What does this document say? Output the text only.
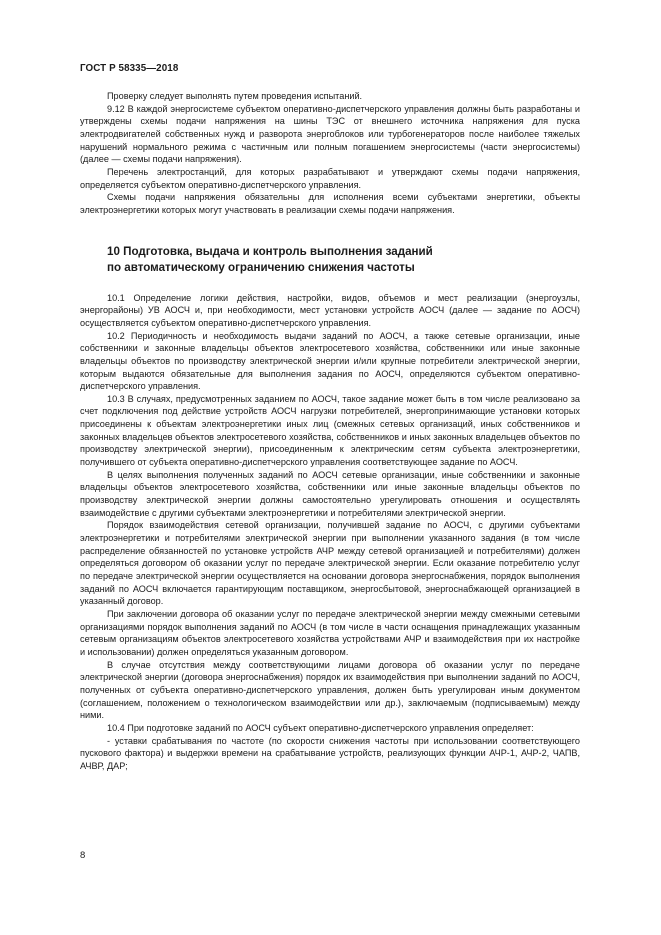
ГОСТ Р 58335—2018

Проверку следует выполнять путем проведения испытаний.

9.12 В каждой энергосистеме субъектом оперативно-диспетчерского управления должны быть разработаны и утверждены схемы подачи напряжения на шины ТЭС от внешнего источника напряжения для пуска электродвигателей собственных нужд и разворота энергоблоков или турбогенераторов после наиболее тяжелых нарушений нормального режима с частичным или полным погашением энергосистемы (части энергосистемы) (далее — схемы подачи напряжения).

Перечень электростанций, для которых разрабатывают и утверждают схемы подачи напряжения, определяется субъектом оперативно-диспетчерского управления.

Схемы подачи напряжения обязательны для исполнения всеми субъектами энергетики, объекты электроэнергетики которых могут участвовать в реализации схемы подачи напряжения.

10 Подготовка, выдача и контроль выполнения заданий
по автоматическому ограничению снижения частоты

10.1 Определение логики действия, настройки, видов, объемов и мест реализации (энергоузлы, энергорайоны) УВ АОСЧ и, при необходимости, мест установки устройств АОСЧ (далее — задание по АОСЧ) осуществляется субъектом оперативно-диспетчерского управления.

10.2 Периодичность и необходимость выдачи заданий по АОСЧ, а также сетевые организации, иные собственники и законные владельцы объектов электросетевого хозяйства, собственники или иные законные владельцы объектов по производству электрической энергии и/или крупные потребители электрической энергии, которым выдаются обязательные для выполнения задания по АОСЧ, определяются субъектом оперативно-диспетчерского управления.

10.3 В случаях, предусмотренных заданием по АОСЧ, такое задание может быть в том числе реализовано за счет подключения под действие устройств АОСЧ нагрузки потребителей, энергопринимающие установки которых присоединены к объектам электроэнергетики иных лиц (смежных сетевых организаций, иных собственников и законных владельцев объектов электросетевого хозяйства, собственников и иных законных владельцев объектов по производству электрической энергии), присоединенным к электрическим сетям субъекта электроэнергетики, получившего от субъекта оперативно-диспетчерского управления соответствующее задание по АОСЧ.

В целях выполнения полученных заданий по АОСЧ сетевые организации, иные собственники и законные владельцы объектов электросетевого хозяйства, собственники или иные законные владельцы объектов по производству электрической энергии должны самостоятельно урегулировать отношения и осуществлять взаимодействие с другими субъектами электроэнергетики и потребителями электрической энергии.

Порядок взаимодействия сетевой организации, получившей задание по АОСЧ, с другими субъектами электроэнергетики и потребителями электрической энергии при выполнении указанного задания (в том числе распределение обязанностей по установке устройств АЧР между сетевой организацией и потребителями) должен определяться договором об оказании услуг по передаче электрической энергии. Если оказание потребителю услуг по передаче электрической энергии осуществляется на основании договора энергоснабжения, порядок выполнения заданий по АОСЧ включается гарантирующим поставщиком, энергосбытовой, энергоснабжающей организацией в указанный договор.

При заключении договора об оказании услуг по передаче электрической энергии между смежными сетевыми организациями порядок выполнения заданий по АОСЧ (в том числе в части оснащения принадлежащих указанным сетевым организациям объектов электросетевого хозяйства устройствами АЧР и взаимодействия при их настройке и использовании) должен определяться указанным договором.

В случае отсутствия между соответствующими лицами договора об оказании услуг по передаче электрической энергии (договора энергоснабжения) порядок их взаимодействия при выполнении заданий по АОСЧ, полученных от субъекта оперативно-диспетчерского управления, должен быть урегулирован иным документом (соглашением, положением о технологическом взаимодействии или др.), заключаемым (подписываемым) между ними.

10.4 При подготовке заданий по АОСЧ субъект оперативно-диспетчерского управления определяет:

- уставки срабатывания по частоте (по скорости снижения частоты при использовании соответствующего пускового фактора) и выдержки времени на срабатывание устройств, реализующих функции АЧР-1, АЧР-2, ЧАПВ, АЧВР, ДАР;

8
